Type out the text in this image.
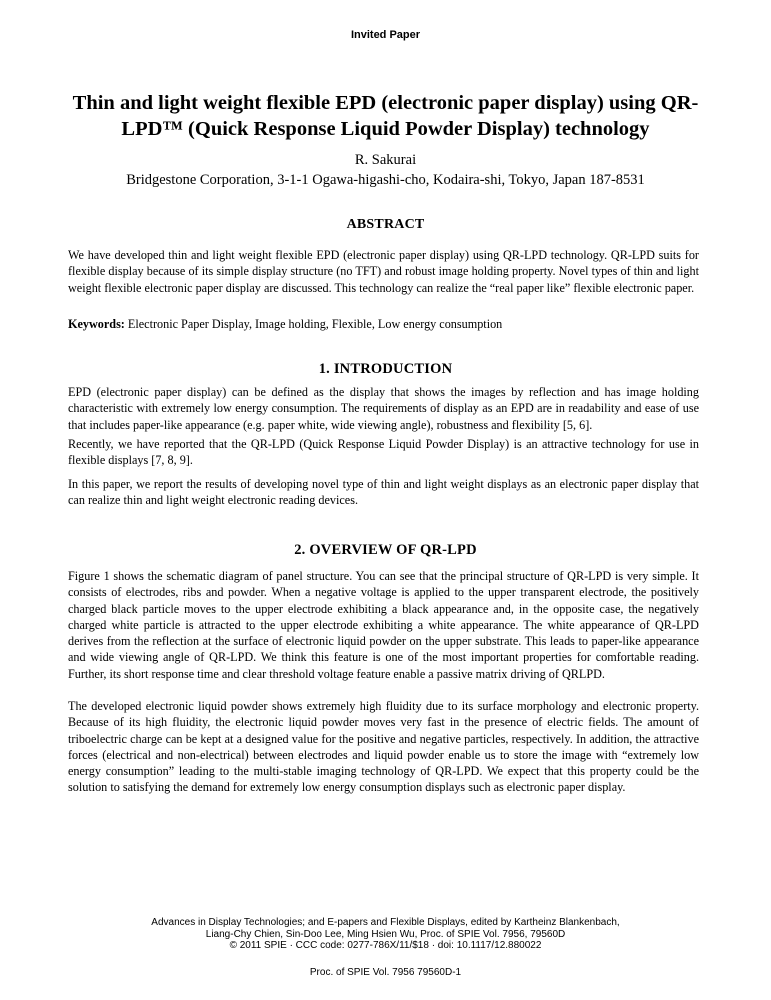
Invited Paper
Thin and light weight flexible EPD (electronic paper display) using QR-LPD™ (Quick Response Liquid Powder Display) technology
R. Sakurai
Bridgestone Corporation, 3-1-1 Ogawa-higashi-cho, Kodaira-shi, Tokyo, Japan 187-8531
ABSTRACT
We have developed thin and light weight flexible EPD (electronic paper display) using QR-LPD technology. QR-LPD suits for flexible display because of its simple display structure (no TFT) and robust image holding property. Novel types of thin and light weight flexible electronic paper display are discussed. This technology can realize the “real paper like” flexible electronic paper.
Keywords: Electronic Paper Display, Image holding, Flexible, Low energy consumption
1. INTRODUCTION
EPD (electronic paper display) can be defined as the display that shows the images by reflection and has image holding characteristic with extremely low energy consumption. The requirements of display as an EPD are in readability and ease of use that includes paper-like appearance (e.g. paper white, wide viewing angle), robustness and flexibility [5, 6].
Recently, we have reported that the QR-LPD (Quick Response Liquid Powder Display) is an attractive technology for use in flexible displays [7, 8, 9].
In this paper, we report the results of developing novel type of thin and light weight displays as an electronic paper display that can realize thin and light weight electronic reading devices.
2. OVERVIEW OF QR-LPD
Figure 1 shows the schematic diagram of panel structure. You can see that the principal structure of QR-LPD is very simple. It consists of electrodes, ribs and powder. When a negative voltage is applied to the upper transparent electrode, the positively charged black particle moves to the upper electrode exhibiting a black appearance and, in the opposite case, the negatively charged white particle is attracted to the upper electrode exhibiting a white appearance. The white appearance of QR-LPD derives from the reflection at the surface of electronic liquid powder on the upper substrate. This leads to paper-like appearance and wide viewing angle of QR-LPD. We think this feature is one of the most important properties for comfortable reading. Further, its short response time and clear threshold voltage feature enable a passive matrix driving of QRLPD.
The developed electronic liquid powder shows extremely high fluidity due to its surface morphology and electronic property. Because of its high fluidity, the electronic liquid powder moves very fast in the presence of electric fields. The amount of triboelectric charge can be kept at a designed value for the positive and negative particles, respectively. In addition, the attractive forces (electrical and non-electrical) between electrodes and liquid powder enable us to store the image with “extremely low energy consumption” leading to the multi-stable imaging technology of QR-LPD. We expect that this property could be the solution to satisfying the demand for extremely low energy consumption displays such as electronic paper display.
Advances in Display Technologies; and E-papers and Flexible Displays, edited by Kartheinz Blankenbach,
Liang-Chy Chien, Sin-Doo Lee, Ming Hsien Wu, Proc. of SPIE Vol. 7956, 79560D
© 2011 SPIE · CCC code: 0277-786X/11/$18 · doi: 10.1117/12.880022
Proc. of SPIE Vol. 7956 79560D-1
